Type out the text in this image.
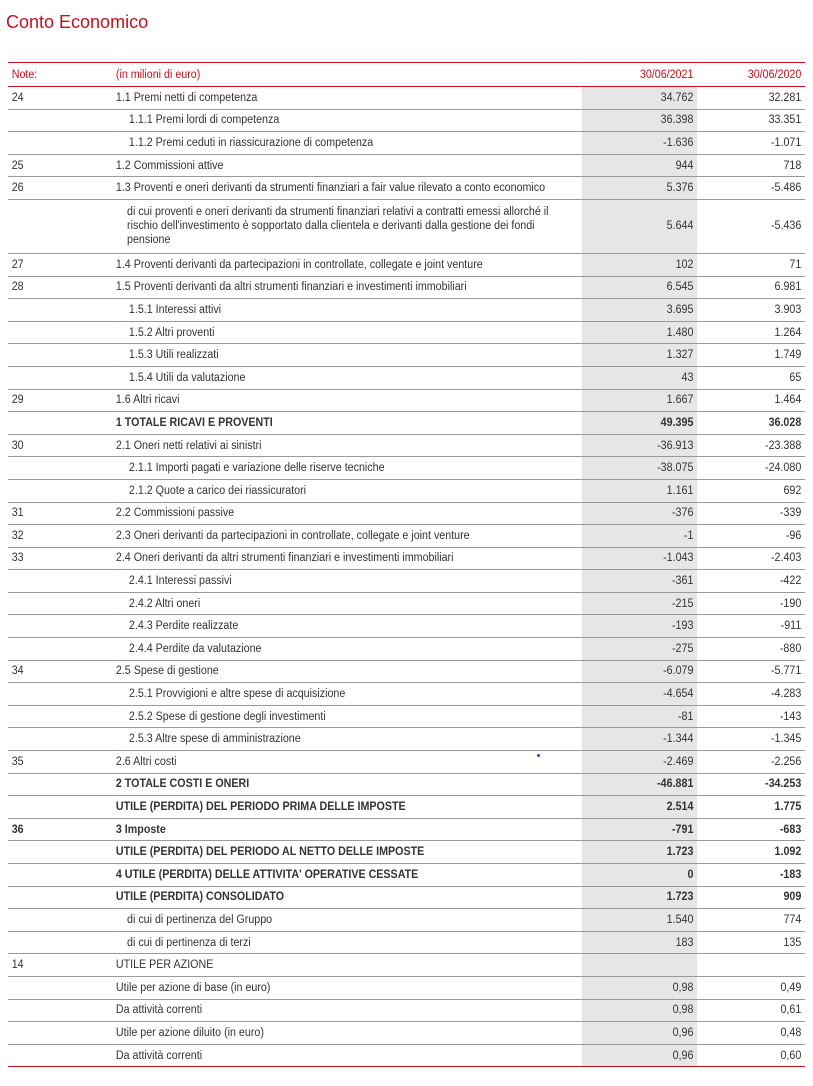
Conto Economico
Note:	(in milioni di euro)	30/06/2021	30/06/2020
24	1.1 Premi netti di competenza	34.762	32.281
	1.1.1 Premi lordi di competenza	36.398	33.351
	1.1.2 Premi ceduti in riassicurazione di competenza	-1.636	-1.071
25	1.2 Commissioni attive	944	718
26	1.3 Proventi e oneri derivanti da strumenti finanziari a fair value rilevato a conto economico	5.376	-5.486
	di cui proventi e oneri derivanti da strumenti finanziari relativi a contratti emessi allorché il rischio dell'investimento è sopportato dalla clientela e derivanti dalla gestione dei fondi pensione	5.644	-5.436
27	1.4 Proventi derivanti da partecipazioni in controllate, collegate e joint venture	102	71
28	1.5 Proventi derivanti da altri strumenti finanziari e investimenti immobiliari	6.545	6.981
	1.5.1 Interessi attivi	3.695	3.903
	1.5.2 Altri proventi	1.480	1.264
	1.5.3 Utili realizzati	1.327	1.749
	1.5.4 Utili da valutazione	43	65
29	1.6 Altri ricavi	1.667	1.464
	1 TOTALE RICAVI E PROVENTI	49.395	36.028
30	2.1 Oneri netti relativi ai sinistri	-36.913	-23.388
	2.1.1 Importi pagati e variazione delle riserve tecniche	-38.075	-24.080
	2.1.2 Quote a carico dei riassicuratori	1.161	692
31	2.2 Commissioni passive	-376	-339
32	2.3 Oneri derivanti da partecipazioni in controllate, collegate e joint venture	-1	-96
33	2.4 Oneri derivanti da altri strumenti finanziari e investimenti immobiliari	-1.043	-2.403
	2.4.1 Interessi passivi	-361	-422
	2.4.2 Altri oneri	-215	-190
	2.4.3 Perdite realizzate	-193	-911
	2.4.4 Perdite da valutazione	-275	-880
34	2.5 Spese di gestione	-6.079	-5.771
	2.5.1 Provvigioni e altre spese di acquisizione	-4.654	-4.283
	2.5.2 Spese di gestione degli investimenti	-81	-143
	2.5.3 Altre spese di amministrazione	-1.344	-1.345
35	2.6 Altri costi	-2.469	-2.256
	2 TOTALE COSTI E ONERI	-46.881	-34.253
	UTILE (PERDITA) DEL PERIODO PRIMA DELLE IMPOSTE	2.514	1.775
36	3 Imposte	-791	-683
	UTILE (PERDITA) DEL PERIODO AL NETTO DELLE IMPOSTE	1.723	1.092
	4 UTILE (PERDITA) DELLE ATTIVITA' OPERATIVE CESSATE	0	-183
	UTILE (PERDITA) CONSOLIDATO	1.723	909
	di cui di pertinenza del Gruppo	1.540	774
	di cui di pertinenza di terzi	183	135
14	UTILE PER AZIONE		
	Utile per azione di base (in euro)	0,98	0,49
	Da attività correnti	0,98	0,61
	Utile per azione diluito (in euro)	0,96	0,48
	Da attività correnti	0,96	0,60
